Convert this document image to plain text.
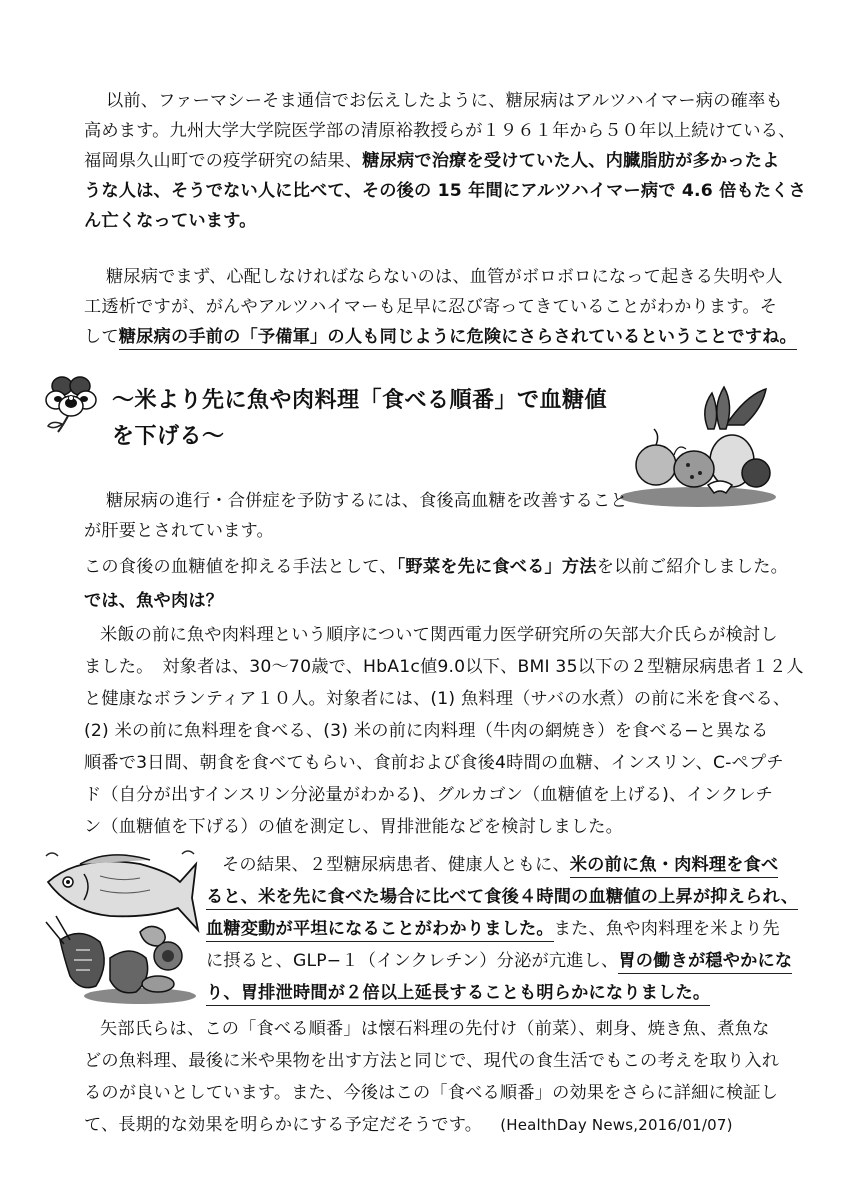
以前、ファーマシーそま通信でお伝えしたように、糖尿病はアルツハイマー病の確率も
高めます。九州大学大学院医学部の清原裕教授らが１９６１年から５０年以上続けている、
福岡県久山町での疫学研究の結果、糖尿病で治療を受けていた人、内臓脂肪が多かったよ
うな人は、そうでない人に比べて、その後の 15 年間にアルツハイマー病で 4.6 倍もたくさ
ん亡くなっています。
糖尿病でまず、心配しなければならないのは、血管がボロボロになって起きる失明や人
工透析ですが、がんやアルツハイマーも足早に忍び寄ってきていることがわかります。そ
して糖尿病の手前の「予備軍」の人も同じように危険にさらされているということですね。
～米より先に魚や肉料理「食べる順番」で血糖値
を下げる～
糖尿病の進行・合併症を予防するには、食後高血糖を改善すること
が肝要とされています。
この食後の血糖値を抑える手法として、「野菜を先に食べる」方法を以前ご紹介しました。
では、魚や肉は？
米飯の前に魚や肉料理という順序について関西電力医学研究所の矢部大介氏らが検討し
ました。　対象者は、30～70歳で、HbA1c値9.0以下、BMI 35以下の２型糖尿病患者１２人
と健康なボランティア１０人。対象者には、(1) 魚料理（サバの水煮）の前に米を食べる、
(2) 米の前に魚料理を食べる、(3) 米の前に肉料理（牛肉の網焼き）を食べる−と異なる
順番で3日間、朝食を食べてもらい、食前および食後4時間の血糖、インスリン、C-ペプチ
ド（自分が出すインスリン分泌量がわかる)、グルカゴン（血糖値を上げる)、インクレチ
ン（血糖値を下げる）の値を測定し、胃排泄能などを検討しました。
その結果、２型糖尿病患者、健康人ともに、米の前に魚・肉料理を食べ
ると、米を先に食べた場合に比べて食後４時間の血糖値の上昇が抑えられ、
血糖変動が平坦になることがわかりました。また、魚や肉料理を米より先
に摂ると、GLP−１（インクレチン）分泌が亢進し、胃の働きが穏やかにな
り、胃排泄時間が２倍以上延長することも明らかになりました。
矢部氏らは、この「食べる順番」は懐石料理の先付け（前菜）、刺身、焼き魚、煮魚な
どの魚料理、最後に米や果物を出す方法と同じで、現代の食生活でもこの考えを取り入れ
るのが良いとしています。また、今後はこの「食べる順番」の効果をさらに詳細に検証し
て、長期的な効果を明らかにする予定だそうです。 (HealthDay News,2016/01/07)
